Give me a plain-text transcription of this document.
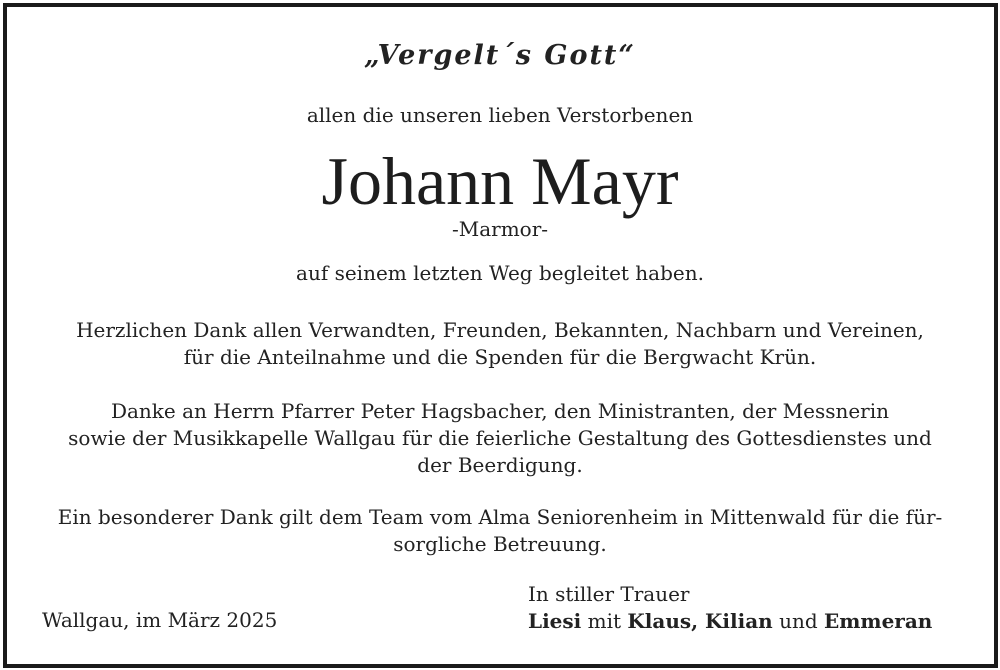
„Vergelt´s Gott“
allen die unseren lieben Verstorbenen
Johann Mayr
-Marmor-
auf seinem letzten Weg begleitet haben.
Herzlichen Dank allen Verwandten, Freunden, Bekannten, Nachbarn und Vereinen,
für die Anteilnahme und die Spenden für die Bergwacht Krün.
Danke an Herrn Pfarrer Peter Hagsbacher, den Ministranten, der Messnerin
sowie der Musikkapelle Wallgau für die feierliche Gestaltung des Gottesdienstes und
der Beerdigung.
Ein besonderer Dank gilt dem Team vom Alma Seniorenheim in Mittenwald für die für-
sorgliche Betreuung.
Wallgau, im März 2025
In stiller Trauer
Liesi mit Klaus, Kilian und Emmeran
